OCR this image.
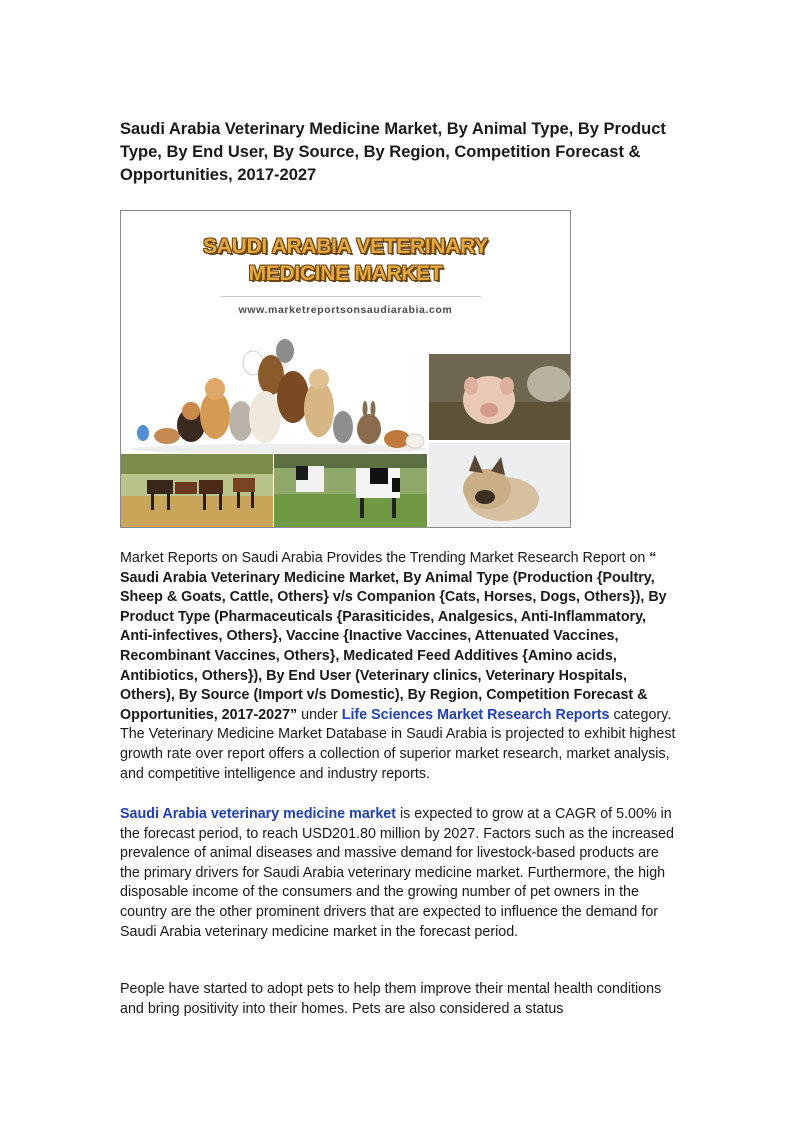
Saudi Arabia Veterinary Medicine Market, By Animal Type, By Product Type, By End User, By Source, By Region, Competition Forecast & Opportunities, 2017-2027
SAUDI ARABIA VETERINARY
MEDICINE MARKET
www.marketreportsonsaudiarabia.com
Market Reports on Saudi Arabia Provides the Trending Market Research Report on “
Saudi Arabia Veterinary Medicine Market, By Animal Type (Production {Poultry, Sheep & Goats, Cattle, Others} v/s Companion {Cats, Horses, Dogs, Others}), By Product Type (Pharmaceuticals {Parasiticides, Analgesics, Anti-Inflammatory, Anti-infectives, Others}, Vaccine {Inactive Vaccines, Attenuated Vaccines, Recombinant Vaccines, Others}, Medicated Feed Additives {Amino acids, Antibiotics, Others}), By End User (Veterinary clinics, Veterinary Hospitals, Others), By Source (Import v/s Domestic), By Region, Competition Forecast & Opportunities, 2017-2027” under Life Sciences Market Research Reports category. The Veterinary Medicine Market Database in Saudi Arabia is projected to exhibit highest growth rate over report offers a collection of superior market research, market analysis, and competitive intelligence and industry reports.
Saudi Arabia veterinary medicine market is expected to grow at a CAGR of 5.00% in the forecast period, to reach USD201.80 million by 2027. Factors such as the increased prevalence of animal diseases and massive demand for livestock-based products are the primary drivers for Saudi Arabia veterinary medicine market. Furthermore, the high disposable income of the consumers and the growing number of pet owners in the country are the other prominent drivers that are expected to influence the demand for Saudi Arabia veterinary medicine market in the forecast period.
People have started to adopt pets to help them improve their mental health conditions and bring positivity into their homes. Pets are also considered a status
